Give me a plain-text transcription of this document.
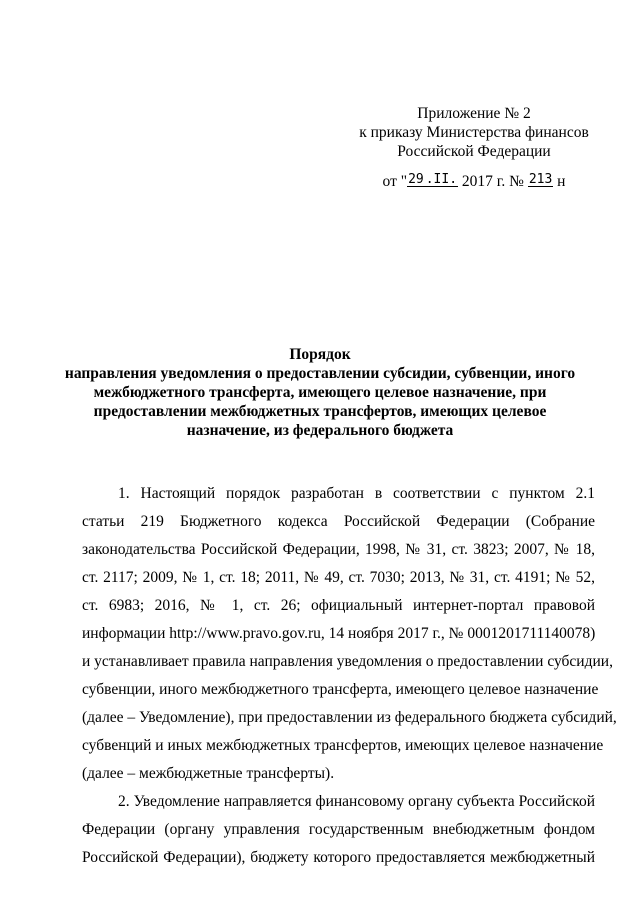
Приложение № 2
к приказу Министерства финансов
Российской Федерации
от "29 .II. 2017 г. № 213 н
Порядок
направления уведомления о предоставлении субсидии, субвенции, иного
межбюджетного трансферта, имеющего целевое назначение, при
предоставлении межбюджетных трансфертов, имеющих целевое
назначение, из федерального бюджета
1. Настоящий порядок разработан в соответствии с пунктом 2.1
статьи 219 Бюджетного кодекса Российской Федерации (Собрание
законодательства Российской Федерации, 1998, № 31, ст. 3823; 2007, № 18,
ст. 2117; 2009, № 1, ст. 18; 2011, № 49, ст. 7030; 2013, № 31, ст. 4191; № 52,
ст. 6983; 2016, № 1, ст. 26; официальный интернет-портал правовой
информации http://www.pravo.gov.ru, 14 ноября 2017 г., № 0001201711140078)
и устанавливает правила направления уведомления о предоставлении субсидии,
субвенции, иного межбюджетного трансферта, имеющего целевое назначение
(далее – Уведомление), при предоставлении из федерального бюджета субсидий,
субвенций и иных межбюджетных трансфертов, имеющих целевое назначение
(далее – межбюджетные трансферты).
2. Уведомление направляется финансовому органу субъекта Российской
Федерации (органу управления государственным внебюджетным фондом
Российской Федерации), бюджету которого предоставляется межбюджетный
